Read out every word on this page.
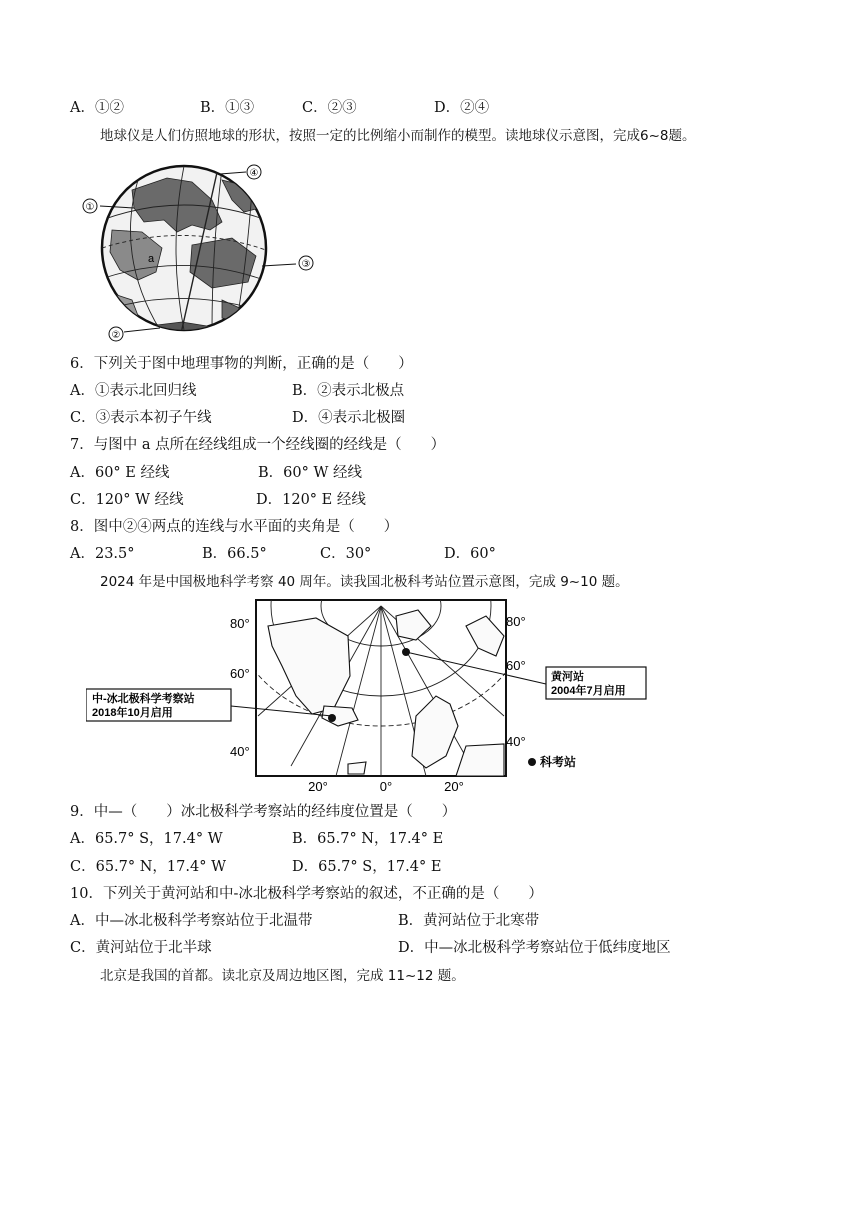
A．①②	B．①③	C．②③	D．②④
地球仪是人们仿照地球的形状，按照一定的比例缩小而制作的模型。读地球仪示意图，完成6~8题。
①
②
③
④
a
6．下列关于图中地理事物的判断，正确的是（　　）
A．①表示北回归线	B．②表示北极点
C．③表示本初子午线	D．④表示北极圈
7．与图中 a 点所在经线组成一个经线圈的经线是（　　）
A．60° E 经线	B．60° W 经线
C．120° W 经线	D．120° E 经线
8．图中②④两点的连线与水平面的夹角是（　　）
A．23.5°	B．66.5°	C．30°	D．60°
2024 年是中国极地科学考察 40 周年。读我国北极科考站位置示意图，完成 9~10 题。
80°
60°
40°
80°
60°
40°
20°	0°	20°
中-冰北极科学考察站
2018年10月启用
黄河站
2004年7月启用
科考站
9．中—（　　）冰北极科学考察站的经纬度位置是（　　）
A．65.7° S，17.4° W	B．65.7° N，17.4° E
C．65.7° N，17.4° W	D．65.7° S，17.4° E
10．下列关于黄河站和中-冰北极科学考察站的叙述，不正确的是（　　）
A．中—冰北极科学考察站位于北温带	B．黄河站位于北寒带
C．黄河站位于北半球	D．中—冰北极科学考察站位于低纬度地区
北京是我国的首都。读北京及周边地区图，完成 11~12 题。
